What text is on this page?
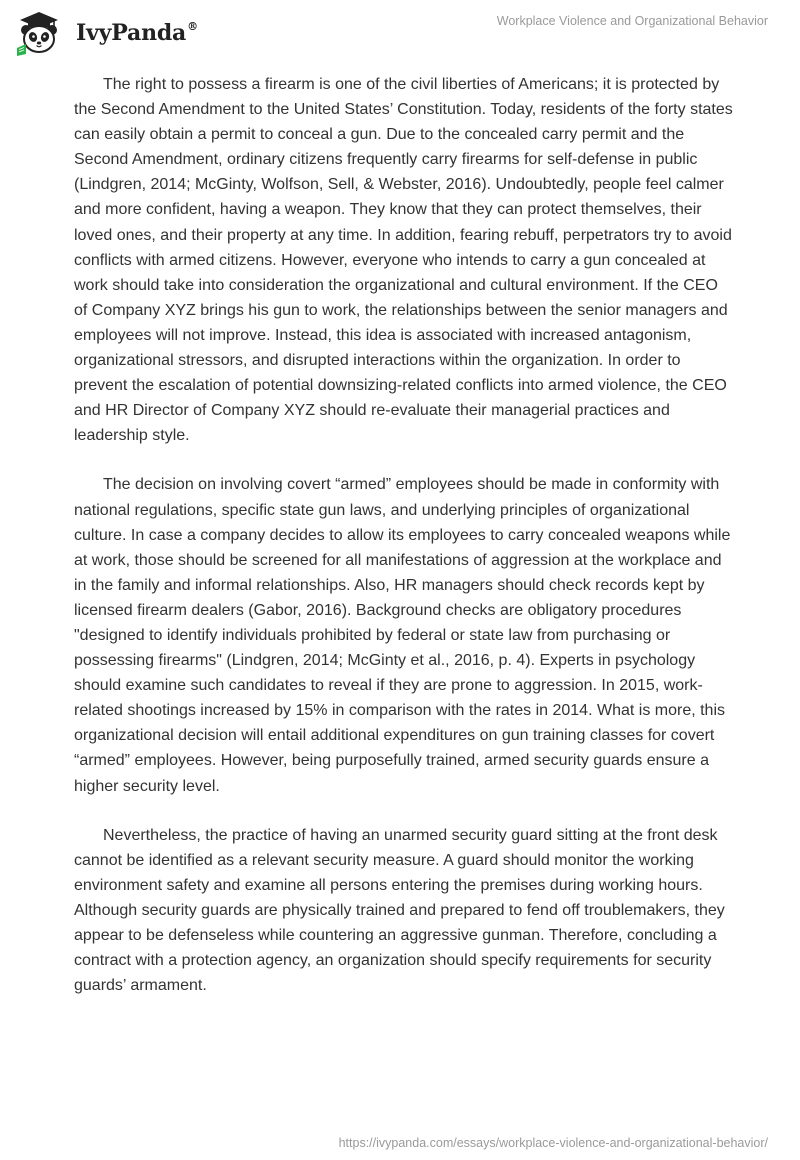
IvyPanda®	Workplace Violence and Organizational Behavior

The right to possess a firearm is one of the civil liberties of Americans; it is protected by the Second Amendment to the United States’ Constitution. Today, residents of the forty states can easily obtain a permit to conceal a gun. Due to the concealed carry permit and the Second Amendment, ordinary citizens frequently carry firearms for self-defense in public (Lindgren, 2014; McGinty, Wolfson, Sell, & Webster, 2016). Undoubtedly, people feel calmer and more confident, having a weapon. They know that they can protect themselves, their loved ones, and their property at any time. In addition, fearing rebuff, perpetrators try to avoid conflicts with armed citizens. However, everyone who intends to carry a gun concealed at work should take into consideration the organizational and cultural environment. If the CEO of Company XYZ brings his gun to work, the relationships between the senior managers and employees will not improve. Instead, this idea is associated with increased antagonism, organizational stressors, and disrupted interactions within the organization. In order to prevent the escalation of potential downsizing-related conflicts into armed violence, the CEO and HR Director of Company XYZ should re-evaluate their managerial practices and leadership style.

The decision on involving covert “armed” employees should be made in conformity with national regulations, specific state gun laws, and underlying principles of organizational culture. In case a company decides to allow its employees to carry concealed weapons while at work, those should be screened for all manifestations of aggression at the workplace and in the family and informal relationships. Also, HR managers should check records kept by licensed firearm dealers (Gabor, 2016). Background checks are obligatory procedures "designed to identify individuals prohibited by federal or state law from purchasing or possessing firearms" (Lindgren, 2014; McGinty et al., 2016, p. 4). Experts in psychology should examine such candidates to reveal if they are prone to aggression. In 2015, work-related shootings increased by 15% in comparison with the rates in 2014. What is more, this organizational decision will entail additional expenditures on gun training classes for covert “armed” employees. However, being purposefully trained, armed security guards ensure a higher security level.

Nevertheless, the practice of having an unarmed security guard sitting at the front desk cannot be identified as a relevant security measure. A guard should monitor the working environment safety and examine all persons entering the premises during working hours. Although security guards are physically trained and prepared to fend off troublemakers, they appear to be defenseless while countering an aggressive gunman. Therefore, concluding a contract with a protection agency, an organization should specify requirements for security guards’ armament.

https://ivypanda.com/essays/workplace-violence-and-organizational-behavior/
